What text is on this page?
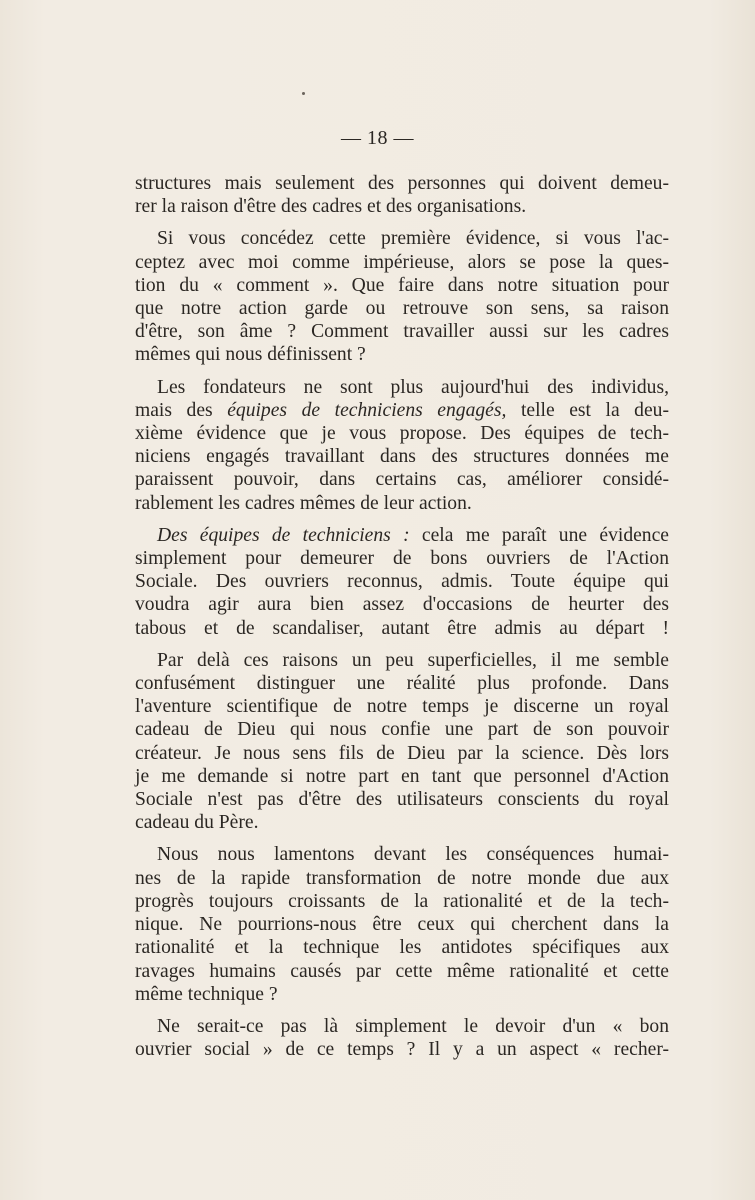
— 18 —
structures mais seulement des personnes qui doivent demeu-
rer la raison d'être des cadres et des organisations.
Si vous concédez cette première évidence, si vous l'ac-
ceptez avec moi comme impérieuse, alors se pose la ques-
tion du « comment ». Que faire dans notre situation pour
que notre action garde ou retrouve son sens, sa raison
d'être, son âme ? Comment travailler aussi sur les cadres
mêmes qui nous définissent ?
Les fondateurs ne sont plus aujourd'hui des individus,
mais des équipes de techniciens engagés, telle est la deu-
xième évidence que je vous propose. Des équipes de tech-
niciens engagés travaillant dans des structures données me
paraissent pouvoir, dans certains cas, améliorer considé-
rablement les cadres mêmes de leur action.
Des équipes de techniciens : cela me paraît une évidence
simplement pour demeurer de bons ouvriers de l'Action
Sociale. Des ouvriers reconnus, admis. Toute équipe qui
voudra agir aura bien assez d'occasions de heurter des
tabous et de scandaliser, autant être admis au départ !
Par delà ces raisons un peu superficielles, il me semble
confusément distinguer une réalité plus profonde. Dans
l'aventure scientifique de notre temps je discerne un royal
cadeau de Dieu qui nous confie une part de son pouvoir
créateur. Je nous sens fils de Dieu par la science. Dès lors
je me demande si notre part en tant que personnel d'Action
Sociale n'est pas d'être des utilisateurs conscients du royal
cadeau du Père.
Nous nous lamentons devant les conséquences humai-
nes de la rapide transformation de notre monde due aux
progrès toujours croissants de la rationalité et de la tech-
nique. Ne pourrions-nous être ceux qui cherchent dans la
rationalité et la technique les antidotes spécifiques aux
ravages humains causés par cette même rationalité et cette
même technique ?
Ne serait-ce pas là simplement le devoir d'un « bon
ouvrier social » de ce temps ? Il y a un aspect « recher-
